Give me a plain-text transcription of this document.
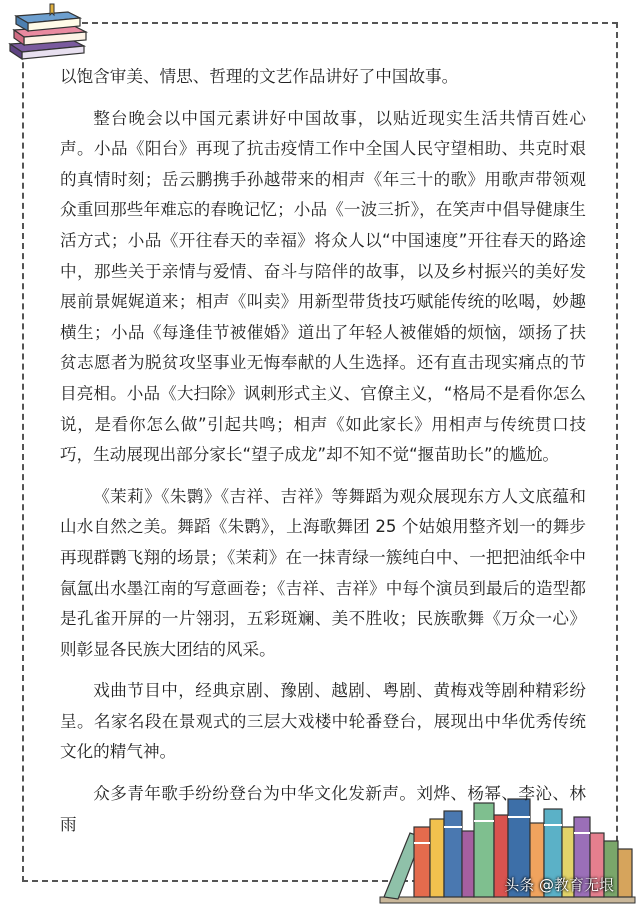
以饱含审美、情思、哲理的文艺作品讲好了中国故事。

整台晚会以中国元素讲好中国故事，以贴近现实生活共情百姓心声。小品《阳台》再现了抗击疫情工作中全国人民守望相助、共克时艰的真情时刻；岳云鹏携手孙越带来的相声《年三十的歌》用歌声带领观众重回那些年难忘的春晚记忆；小品《一波三折》，在笑声中倡导健康生活方式；小品《开往春天的幸福》将众人以“中国速度”开往春天的路途中，那些关于亲情与爱情、奋斗与陪伴的故事，以及乡村振兴的美好发展前景娓娓道来；相声《叫卖》用新型带货技巧赋能传统的吆喝，妙趣横生；小品《每逢佳节被催婚》道出了年轻人被催婚的烦恼，颂扬了扶贫志愿者为脱贫攻坚事业无悔奉献的人生选择。还有直击现实痛点的节目亮相。小品《大扫除》讽刺形式主义、官僚主义，“格局不是看你怎么说，是看你怎么做”引起共鸣；相声《如此家长》用相声与传统贯口技巧，生动展现出部分家长“望子成龙”却不知不觉“揠苗助长”的尴尬。

《茉莉》《朱鹮》《吉祥、吉祥》等舞蹈为观众展现东方人文底蕴和山水自然之美。舞蹈《朱鹮》，上海歌舞团 25 个姑娘用整齐划一的舞步再现群鹮飞翔的场景；《茉莉》在一抹青绿一簇纯白中、一把把油纸伞中氤氲出水墨江南的写意画卷；《吉祥、吉祥》中每个演员到最后的造型都是孔雀开屏的一片翎羽，五彩斑斓、美不胜收；民族歌舞《万众一心》则彰显各民族大团结的风采。

戏曲节目中，经典京剧、豫剧、越剧、粤剧、黄梅戏等剧种精彩纷呈。名家名段在景观式的三层大戏楼中轮番登台，展现出中华优秀传统文化的精气神。

众多青年歌手纷纷登台为中华文化发新声。刘烨、杨幂、李沁、林雨

头条 @教育无垠
